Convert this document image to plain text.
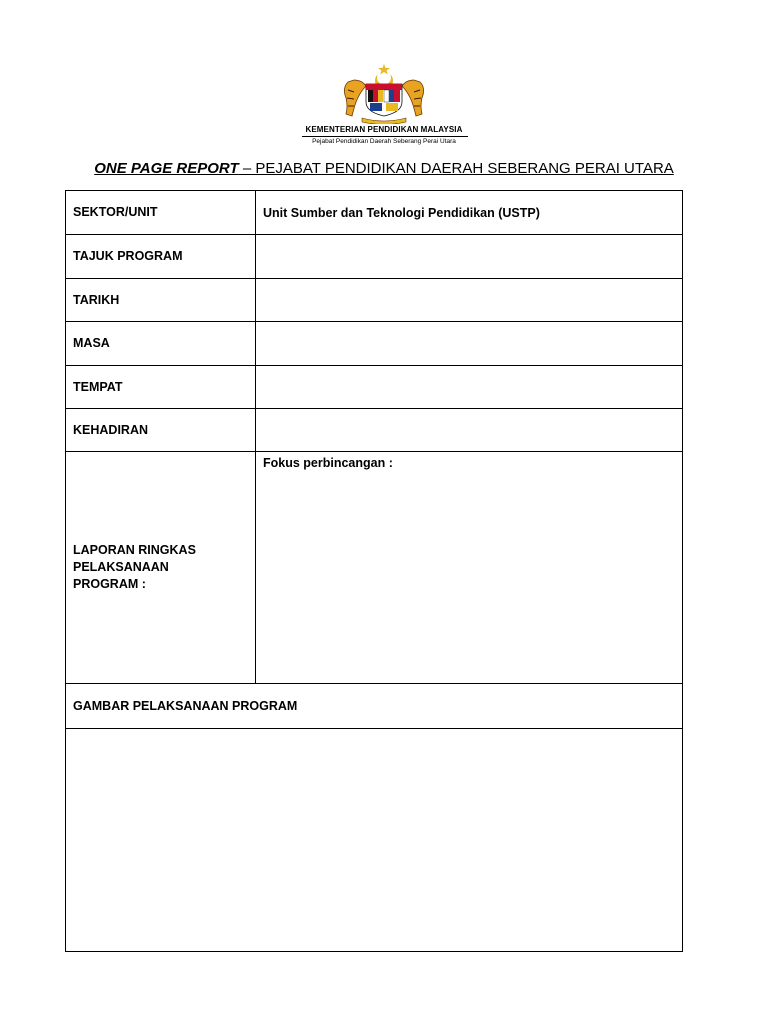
KEMENTERIAN PENDIDIKAN MALAYSIA
Pejabat Pendidikan Daerah Seberang Perai Utara
ONE PAGE REPORT – PEJABAT PENDIDIKAN DAERAH SEBERANG PERAI UTARA
SEKTOR/UNIT	Unit Sumber dan Teknologi Pendidikan (USTP)
TAJUK PROGRAM
TARIKH
MASA
TEMPAT
KEHADIRAN
LAPORAN RINGKAS
PELAKSANAAN
PROGRAM :
Fokus perbincangan :
GAMBAR PELAKSANAAN PROGRAM
